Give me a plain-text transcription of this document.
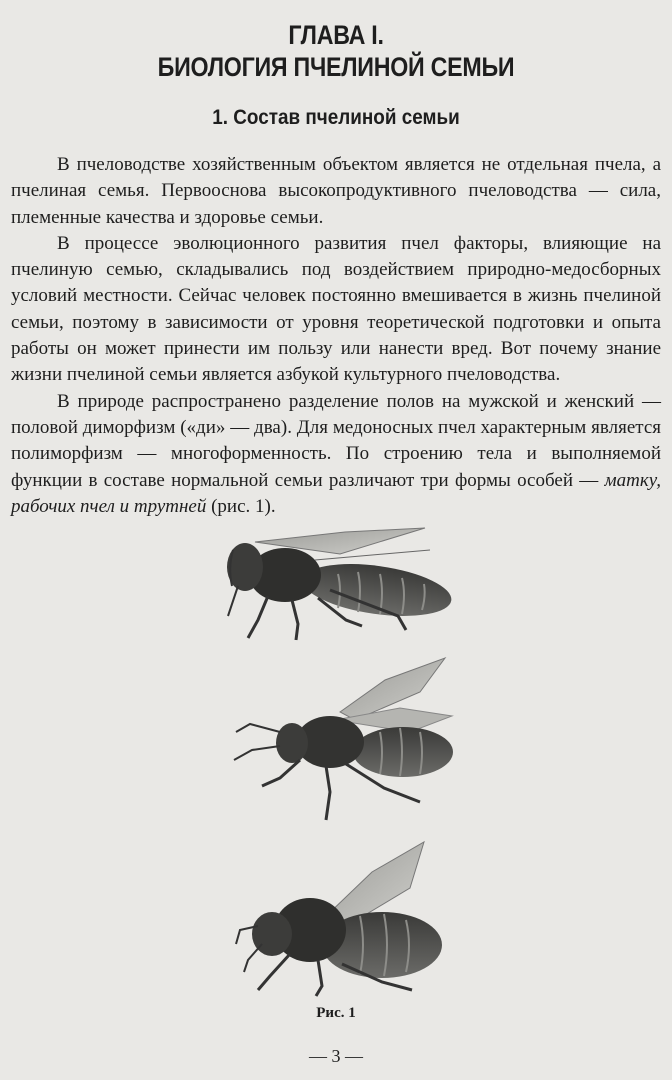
ГЛАВА I.
БИОЛОГИЯ ПЧЕЛИНОЙ СЕМЬИ
1. Состав пчелиной семьи

В пчеловодстве хозяйственным объектом является не отдельная пчела, а пчелиная семья. Первооснова высокопродуктивного пчеловодства — сила, племенные качества и здоровье семьи.

В процессе эволюционного развития пчел факторы, влияющие на пчелиную семью, складывались под воздействием природно-медосборных условий местности. Сейчас человек постоянно вмешивается в жизнь пчелиной семьи, поэтому в зависимости от уровня теоретической подготовки и опыта работы он может принести им пользу или нанести вред. Вот почему знание жизни пчелиной семьи является азбукой культурного пчеловодства.

В природе распространено разделение полов на мужской и женский — половой диморфизм («ди» — два). Для медоносных пчел характерным является полиморфизм — многоформенность. По строению тела и выполняемой функции в составе нормальной семьи различают три формы особей — матку, рабочих пчел и трутней (рис. 1).

Рис. 1
— 3 —
